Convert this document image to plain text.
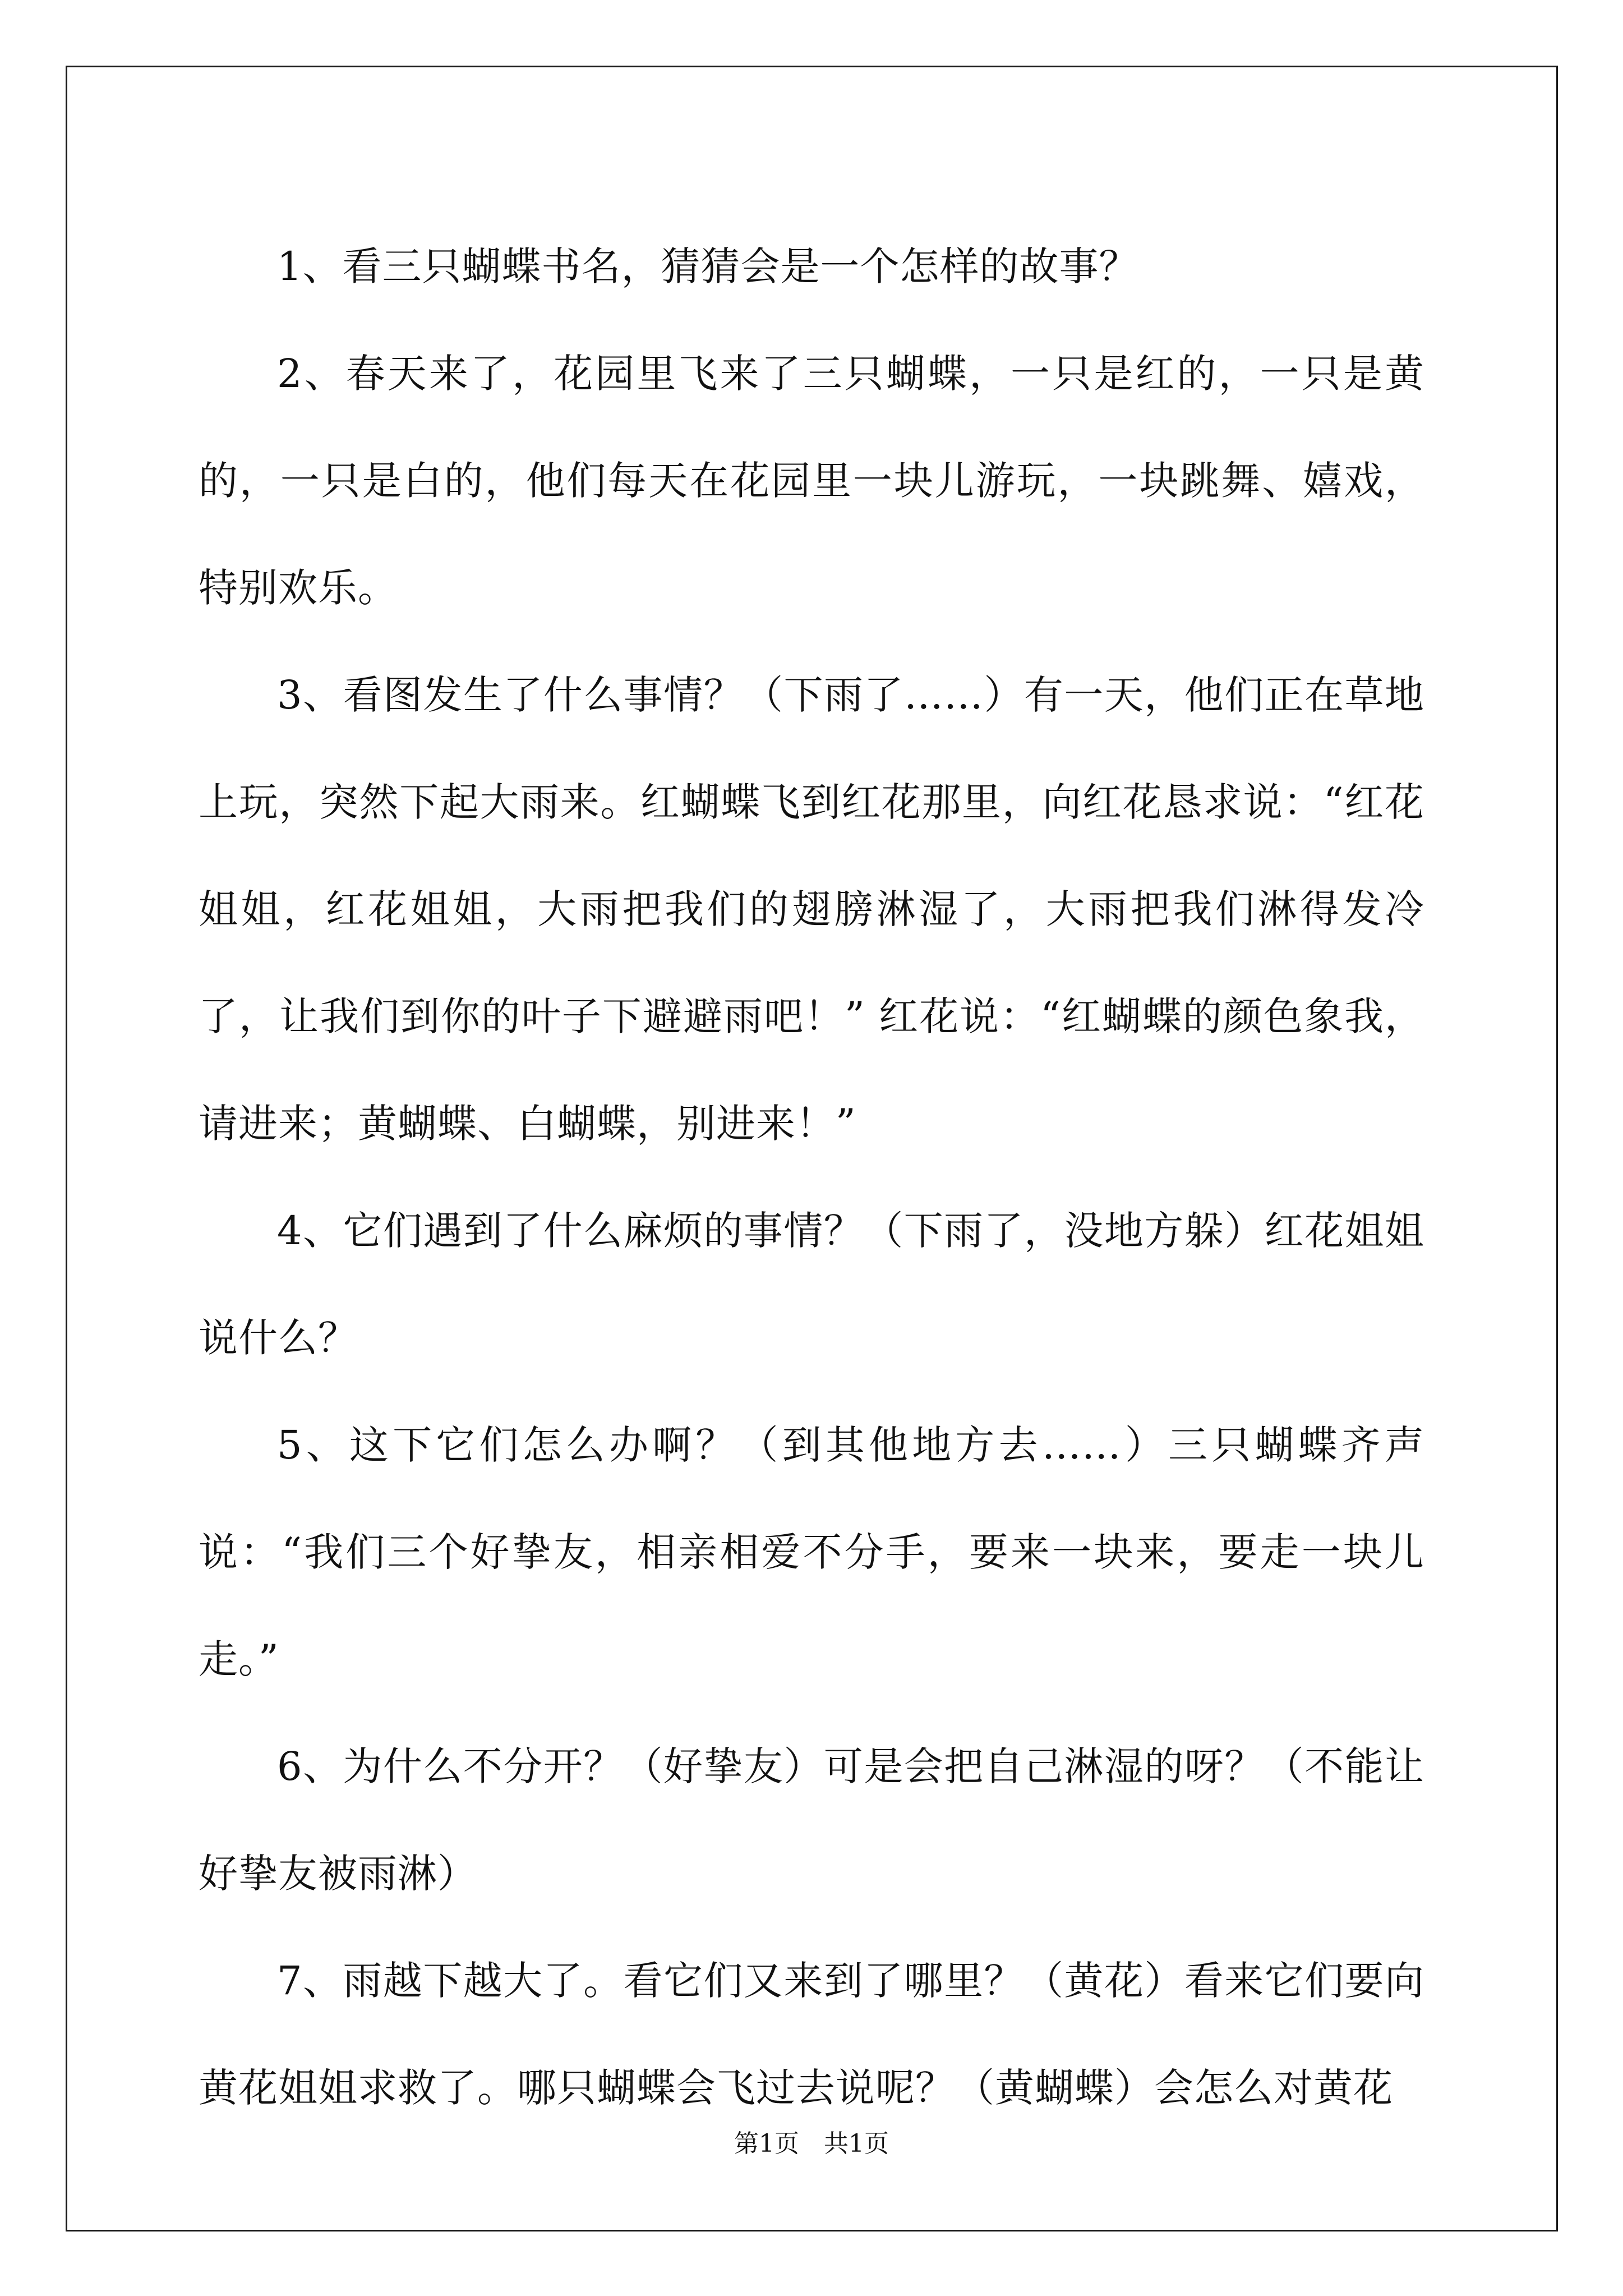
1、看三只蝴蝶书名，猜猜会是一个怎样的故事？

2、春天来了，花园里飞来了三只蝴蝶，一只是红的，一只是黄的，一只是白的，他们每天在花园里一块儿游玩，一块跳舞、嬉戏，特别欢乐。

3、看图发生了什么事情？（下雨了……）有一天，他们正在草地上玩，突然下起大雨来。红蝴蝶飞到红花那里，向红花恳求说：“红花姐姐，红花姐姐，大雨把我们的翅膀淋湿了，大雨把我们淋得发冷了，让我们到你的叶子下避避雨吧！” 红花说：“红蝴蝶的颜色象我，请进来；黄蝴蝶、白蝴蝶，别进来！”

4、它们遇到了什么麻烦的事情？（下雨了，没地方躲）红花姐姐说什么？

5、这下它们怎么办啊？（到其他地方去……）三只蝴蝶齐声说：“我们三个好挚友，相亲相爱不分手，要来一块来，要走一块儿走。”

6、为什么不分开？（好挚友）可是会把自己淋湿的呀？（不能让好挚友被雨淋）

7、雨越下越大了。看它们又来到了哪里？（黄花）看来它们要向黄花姐姐求救了。哪只蝴蝶会飞过去说呢？（黄蝴蝶）会怎么对黄花

第1页　共1页
